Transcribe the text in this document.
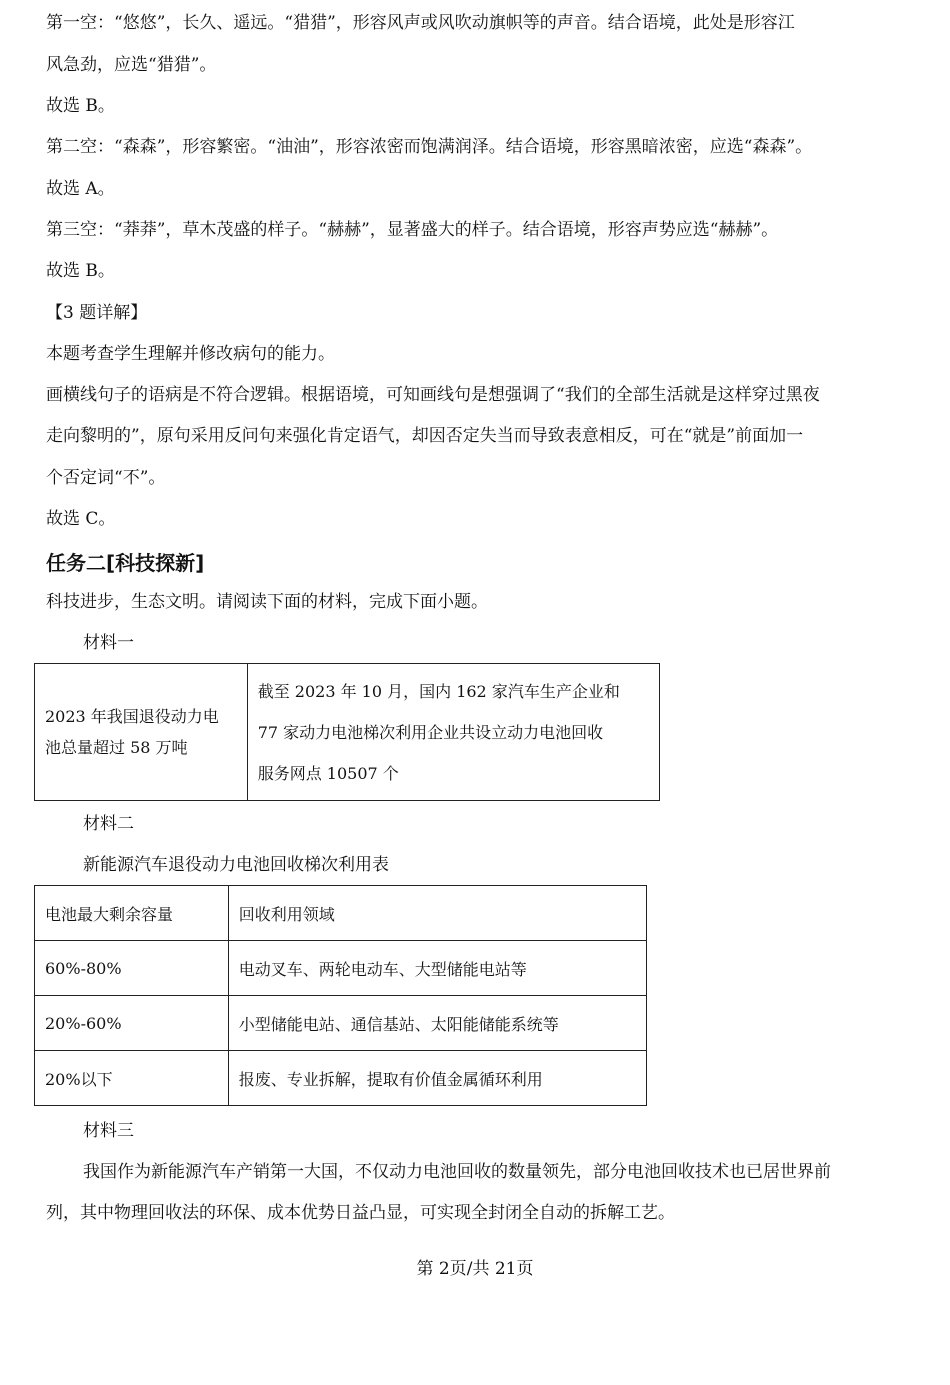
第一空：“悠悠”，长久、遥远。“猎猎”，形容风声或风吹动旗帜等的声音。结合语境，此处是形容江
风急劲，应选“猎猎”。
故选 B。
第二空：“森森”，形容繁密。“油油”，形容浓密而饱满润泽。结合语境，形容黑暗浓密，应选“森森”。
故选 A。
第三空：“莽莽”，草木茂盛的样子。“赫赫”，显著盛大的样子。结合语境，形容声势应选“赫赫”。
故选 B。
【3 题详解】
本题考查学生理解并修改病句的能力。
画横线句子的语病是不符合逻辑。根据语境，可知画线句是想强调了“我们的全部生活就是这样穿过黑夜
走向黎明的”，原句采用反问句来强化肯定语气，却因否定失当而导致表意相反，可在“就是”前面加一
个否定词“不”。
故选 C。
任务二[科技探新]
科技进步，生态文明。请阅读下面的材料，完成下面小题。
材料一
2023 年我国退役动力电
池总量超过 58 万吨

截至 2023 年 10 月，国内 162 家汽车生产企业和
77 家动力电池梯次利用企业共设立动力电池回收
服务网点 10507 个
材料二
新能源汽车退役动力电池回收梯次利用表
电池最大剩余容量	回收利用领域
60%-80%	电动叉车、两轮电动车、大型储能电站等
20%-60%	小型储能电站、通信基站、太阳能储能系统等
20%以下	报废、专业拆解，提取有价值金属循环利用
材料三
我国作为新能源汽车产销第一大国，不仅动力电池回收的数量领先，部分电池回收技术也已居世界前
列，其中物理回收法的环保、成本优势日益凸显，可实现全封闭全自动的拆解工艺。
第 2页/共 21页
